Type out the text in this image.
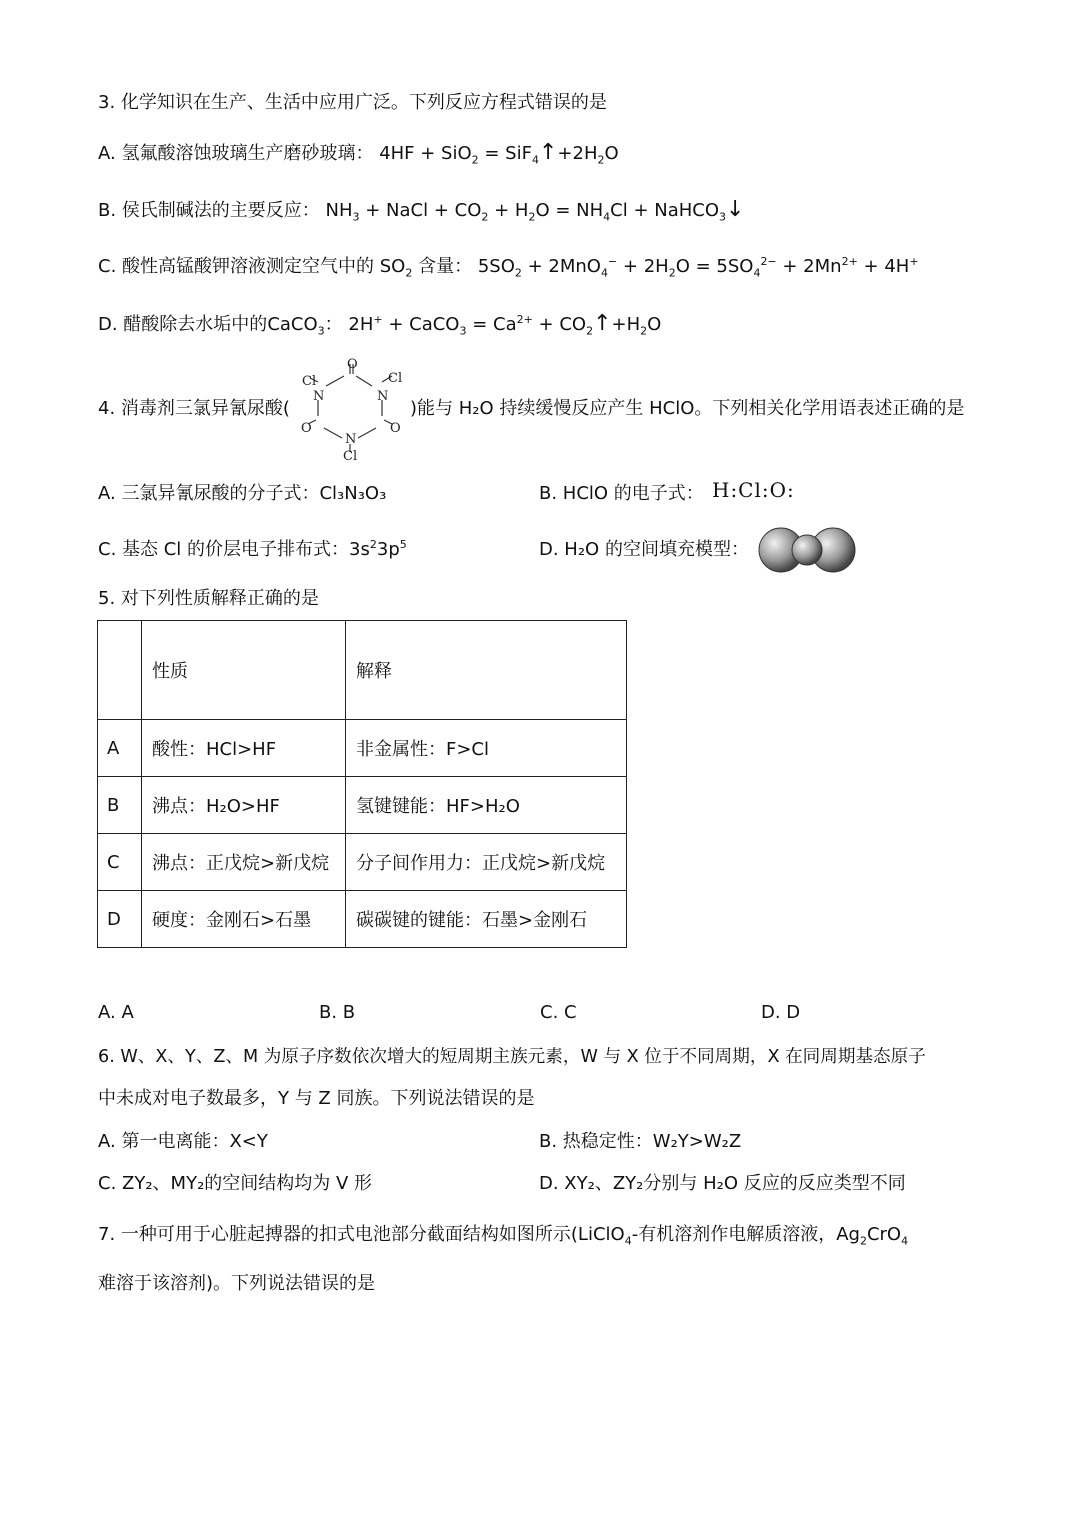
3. 化学知识在生产、生活中应用广泛。下列反应方程式错误的是
A. 氢氟酸溶蚀玻璃生产磨砂玻璃： $4HF + SiO_2 = SiF_4↑+2H_2O$
B. 侯氏制碱法的主要反应： $NH_3$ + NaCl + $CO_2 + H_2O = NH_4Cl$ + NaHCO$_3$↓
C. 酸性高锰酸钾溶液测定空气中的 $SO_2$ 含量： $5SO_2 + 2MnO_4^- + 2H_2O = 5SO_4^{2-} + 2Mn^{2+} + 4H^+$
D. 醋酸除去水垢中的CaCO$_3$： 2H+ + CaCO$_3$ = $Ca^{2+}$ + $CO_2↑+H_2O$
4. 消毒剂三氯异氰尿酸(
O
Cl	Cl
N	N
O	O
N
Cl
)能与 H₂O 持续缓慢反应产生 HClO。下列相关化学用语表述正确的是
A. 三氯异氰尿酸的分子式：Cl₃N₃O₃	B. HClO 的电子式： H:Cl:O:
C. 基态 Cl 的价层电子排布式：$3s^23p^5$	D. H₂O 的空间填充模型：
5. 对下列性质解释正确的是
	性质	解释
A	酸性：HCl>HF	非金属性：F>Cl
B	沸点：H₂O>HF	氢键键能：HF>H₂O
C	沸点：正戊烷>新戊烷	分子间作用力：正戊烷>新戊烷
D	硬度：金刚石>石墨	碳碳键的键能：石墨>金刚石
A. A	B. B	C. C	D. D
6. W、X、Y、Z、M 为原子序数依次增大的短周期主族元素，W 与 X 位于不同周期，X 在同周期基态原子
中未成对电子数最多，Y 与 Z 同族。下列说法错误的是
A. 第一电离能：X<Y	B. 热稳定性：W₂Y>W₂Z
C. ZY₂、MY₂的空间结构均为 V 形	D. XY₂、ZY₂分别与 H₂O 反应的反应类型不同
7. 一种可用于心脏起搏器的扣式电池部分截面结构如图所示(LiClO$_4$-有机溶剂作电解质溶液，$Ag_2CrO_4$
难溶于该溶剂)。下列说法错误的是
